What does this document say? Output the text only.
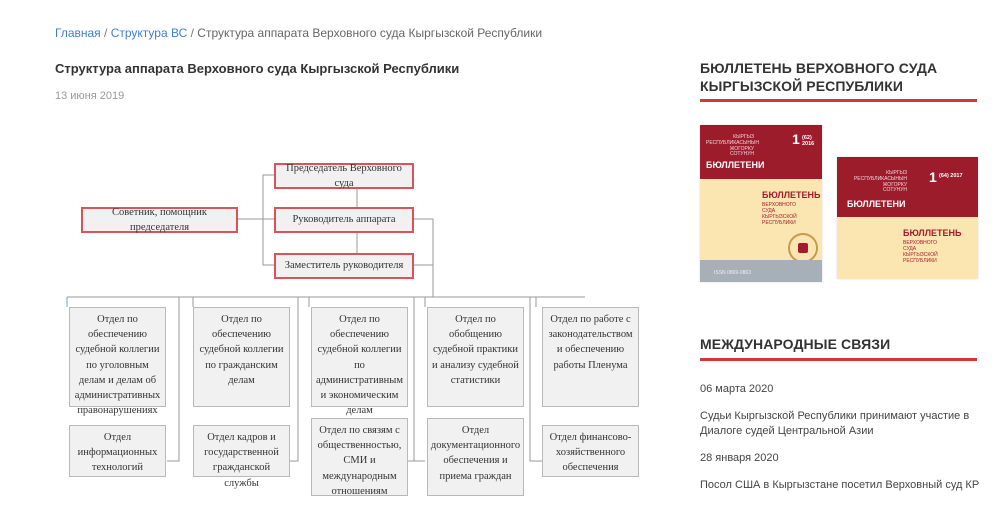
Главная / Структура ВС / Структура аппарата Верховного суда Кыргызской Республики
Структура аппарата Верховного суда Кыргызской Республики
13 июня 2019
Председатель Верховного суда
Советник, помощник председателя
Руководитель аппарата
Заместитель руководителя
Отдел по обеспечению судебной коллегии по уголовным делам и делам об административных правонарушениях
Отдел по обеспечению судебной коллегии по гражданским делам
Отдел по обеспечению судебной коллегии по административным и экономическим делам
Отдел по обобщению судебной практики и анализу судебной статистики
Отдел по работе с законодательством и обеспечению работы Пленума
Отдел информационных технологий
Отдел кадров и государственной гражданской службы
Отдел по связям с общественностью, СМИ и международным отношениям
Отдел документационного обеспечения и приема граждан
Отдел финансово-хозяйственного обеспечения
БЮЛЛЕТЕНЬ ВЕРХОВНОГО СУДА КЫРГЫЗСКОЙ РЕСПУБЛИКИ
КЫРГЫЗ
РЕСПУБЛИКАСЫНЫН
ЖОГОРКУ
СОТУНУН
БЮЛЛЕТЕНИ
1 (62) 2016
БЮЛЛЕТЕНЬ
ВЕРХОВНОГО
СУДА
КЫРГЫЗСКОЙ
РЕСПУБЛИКИ
ISSN 0869-0863
КЫРГЫЗ
РЕСПУБЛИКАСЫНЫН
ЖОГОРКУ
СОТУНУН
БЮЛЛЕТЕНИ
1 (64) 2017
БЮЛЛЕТЕНЬ
ВЕРХОВНОГО
СУДА
КЫРГЫЗСКОЙ
РЕСПУБЛИКИ
МЕЖДУНАРОДНЫЕ СВЯЗИ
06 марта 2020
Судьи Кыргызской Республики принимают участие в Диалоге судей Центральной Азии
28 января 2020
Посол США в Кыргызстане посетил Верховный суд КР
